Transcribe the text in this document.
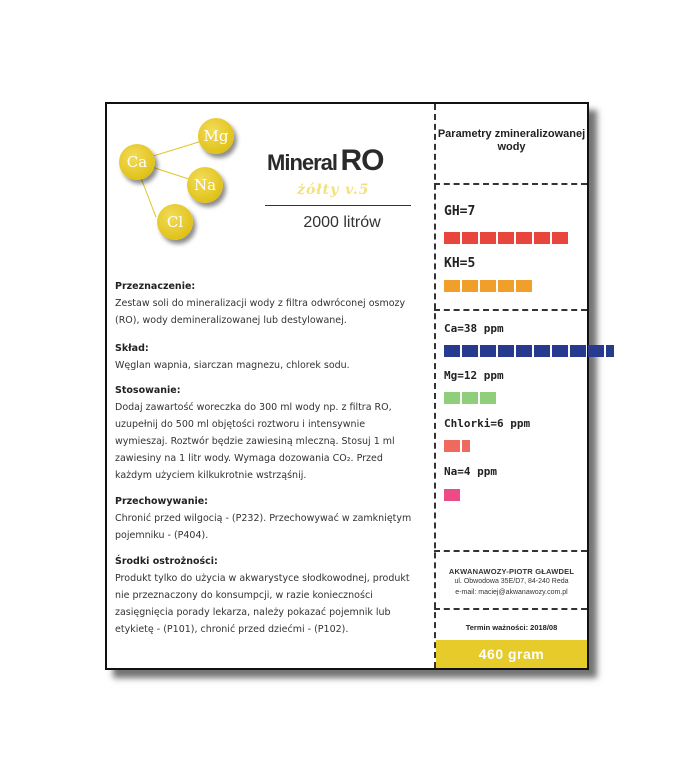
Mg
Ca
Na
Cl
Mineral RO
żółty v.5
2000 litrów
Przeznaczenie:
Zestaw soli do mineralizacji wody z filtra odwróconej osmozy
(RO), wody demineralizowanej lub destylowanej.
Skład:
Węglan wapnia, siarczan magnezu, chlorek sodu.
Stosowanie:
Dodaj zawartość woreczka do 300 ml wody np. z filtra RO,
uzupełnij do 500 ml objętości roztworu i intensywnie
wymieszaj. Roztwór będzie zawiesiną mleczną. Stosuj 1 ml
zawiesiny na 1 litr wody. Wymaga dozowania CO₂. Przed
każdym użyciem kilkukrotnie wstrząśnij.
Przechowywanie:
Chronić przed wilgocią - (P232). Przechowywać w zamkniętym
pojemniku - (P404).
Środki ostrożności:
Produkt tylko do użycia w akwarystyce słodkowodnej, produkt
nie przeznaczony do konsumpcji, w razie konieczności
zasięgnięcia porady lekarza, należy pokazać pojemnik lub
etykietę - (P101), chronić przed dziećmi - (P102).
Parametry zmineralizowanej wody
GH=7
KH=5
Ca=38 ppm
Mg=12 ppm
Chlorki=6 ppm
Na=4 ppm
AKWANAWOZY-PIOTR GŁAWDEL
ul. Obwodowa 35E/D7, 84-240 Reda
e-mail: maciej@akwanawozy.com.pl
Termin ważności: 2018/08
460 gram
